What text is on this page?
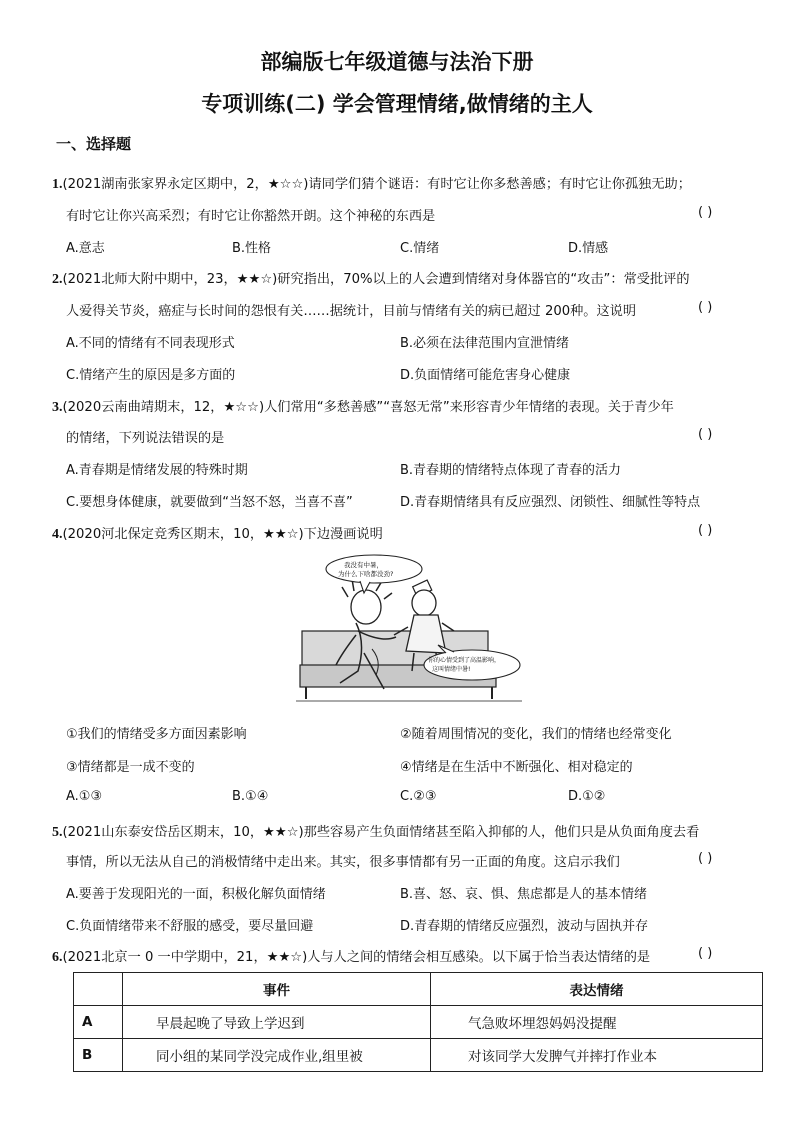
部编版七年级道德与法治下册
专项训练(二) 学会管理情绪,做情绪的主人
一、选择题
1.(2021湖南张家界永定区期中，2，★☆☆)请同学们猜个谜语：有时它让你多愁善感；有时它让你孤独无助；
有时它让你兴高采烈；有时它让你豁然开朗。这个神秘的东西是	( )
A.意志	B.性格	C.情绪	D.情感
2.(2021北师大附中期中，23，★★☆)研究指出，70%以上的人会遭到情绪对身体器官的“攻击”：常受批评的
人爱得关节炎，癌症与长时间的怨恨有关……据统计，目前与情绪有关的病已超过 200种。这说明	( )
A.不同的情绪有不同表现形式	B.必须在法律范围内宣泄情绪
C.情绪产生的原因是多方面的	D.负面情绪可能危害身心健康
3.(2020云南曲靖期末，12，★☆☆)人们常用“多愁善感”“喜怒无常”来形容青少年情绪的表现。关于青少年
的情绪，下列说法错误的是	( )
A.青春期是情绪发展的特殊时期	B.青春期的情绪特点体现了青春的活力
C.要想身体健康，就要做到“当怒不怒，当喜不喜”	D.青春期情绪具有反应强烈、闭锁性、细腻性等特点
4.(2020河北保定竞秀区期末，10，★★☆)下边漫画说明	( )
我没有中暑，
为什么下啥都没劲?
你的心情受到了高温影响，
这叫情绪中暑!
①我们的情绪受多方面因素影响	②随着周围情况的变化，我们的情绪也经常变化
③情绪都是一成不变的	④情绪是在生活中不断强化、相对稳定的
A.①③	B.①④	C.②③	D.①②
5.(2021山东泰安岱岳区期末，10，★★☆)那些容易产生负面情绪甚至陷入抑郁的人，他们只是从负面角度去看
事情，所以无法从自己的消极情绪中走出来。其实，很多事情都有另一正面的角度。这启示我们	( )
A.要善于发现阳光的一面，积极化解负面情绪	B.喜、怒、哀、惧、焦虑都是人的基本情绪
C.负面情绪带来不舒服的感受，要尽量回避	D.青春期的情绪反应强烈，波动与固执并存
6.(2021北京一 0 一中学期中，21，★★☆)人与人之间的情绪会相互感染。以下属于恰当表达情绪的是	( )
	事件	表达情绪
A	早晨起晚了导致上学迟到	气急败坏埋怨妈妈没提醒
B	同小组的某同学没完成作业,组里被	对该同学大发脾气并摔打作业本
